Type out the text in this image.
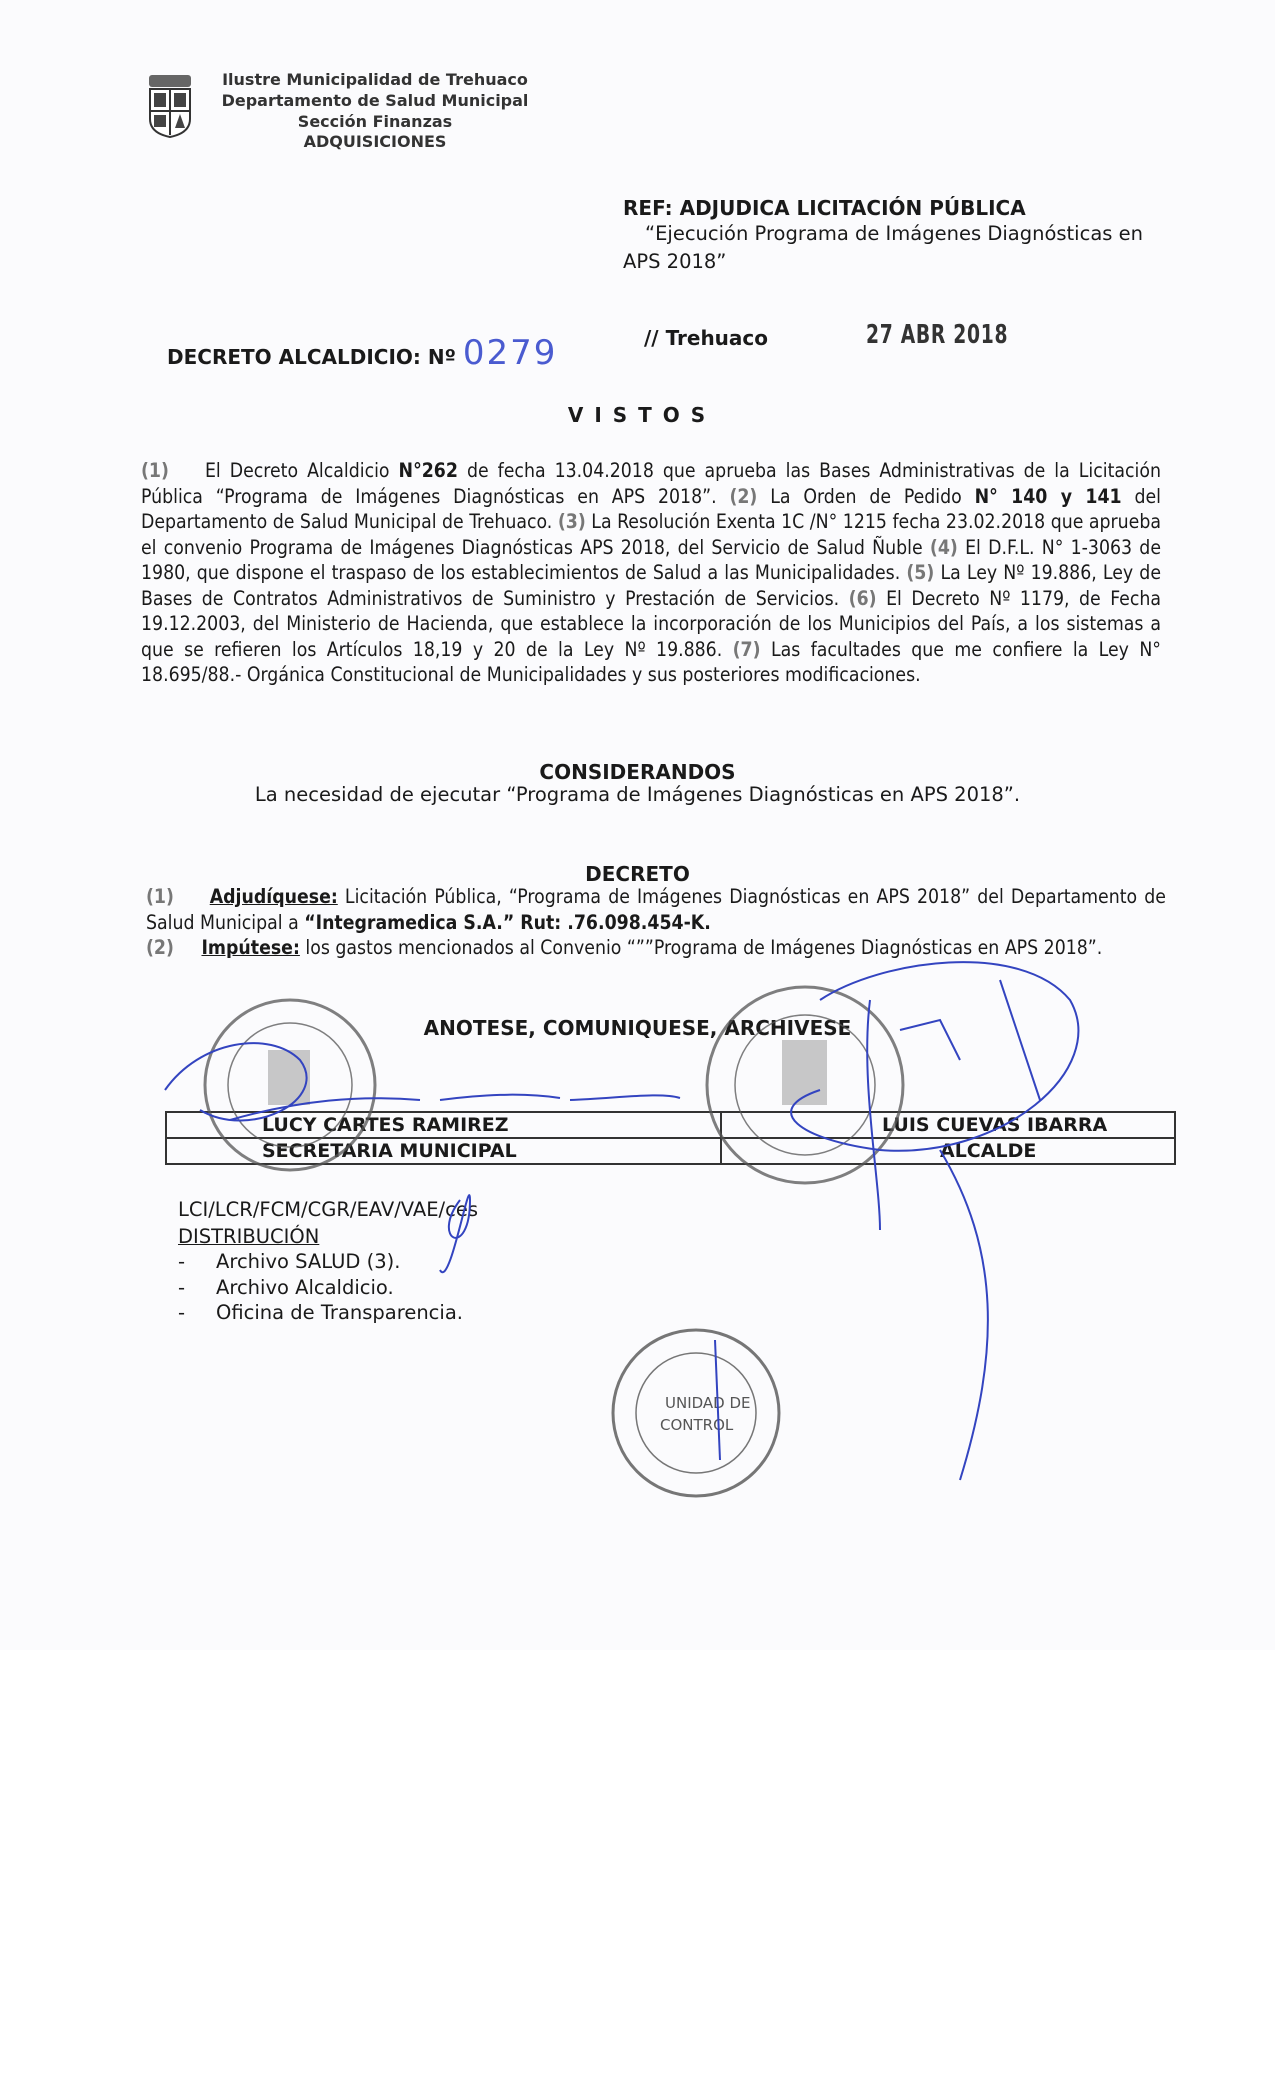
Ilustre Municipalidad de Trehuaco
Departamento de Salud Municipal
Sección Finanzas
ADQUISICIONES
REF: ADJUDICA LICITACIÓN PÚBLICA
“Ejecución Programa de Imágenes Diagnósticas en APS 2018”
DECRETO ALCALDICIO: Nº 0279	// Trehuaco	27 ABR 2018
V I S T O S
(1) El Decreto Alcaldicio N°262 de fecha 13.04.2018 que aprueba las Bases Administrativas de la Licitación Pública “Programa de Imágenes Diagnósticas en APS 2018”. (2) La Orden de Pedido N° 140 y 141 del Departamento de Salud Municipal de Trehuaco. (3) La Resolución Exenta 1C /N° 1215 fecha 23.02.2018 que aprueba el convenio Programa de Imágenes Diagnósticas APS 2018, del Servicio de Salud Ñuble (4) El D.F.L. N° 1-3063 de 1980, que dispone el traspaso de los establecimientos de Salud a las Municipalidades. (5) La Ley Nº 19.886, Ley de Bases de Contratos Administrativos de Suministro y Prestación de Servicios. (6) El Decreto Nº 1179, de Fecha 19.12.2003, del Ministerio de Hacienda, que establece la incorporación de los Municipios del País, a los sistemas a que se refieren los Artículos 18,19 y 20 de la Ley Nº 19.886. (7) Las facultades que me confiere la Ley N° 18.695/88.- Orgánica Constitucional de Municipalidades y sus posteriores modificaciones.
CONSIDERANDOS
La necesidad de ejecutar “Programa de Imágenes Diagnósticas en APS 2018”.
DECRETO
(1) Adjudíquese: Licitación Pública, “Programa de Imágenes Diagnósticas en APS 2018” del Departamento de Salud Municipal a “Integramedica S.A.” Rut: .76.098.454-K.
(2) Impútese: los gastos mencionados al Convenio “””Programa de Imágenes Diagnósticas en APS 2018”.
ANOTESE, COMUNIQUESE, ARCHIVESE
LUCY CARTES RAMIREZ	LUIS CUEVAS IBARRA
SECRETARIA MUNICIPAL	ALCALDE
LCI/LCR/FCM/CGR/EAV/VAE/ces
DISTRIBUCIÓN
-     Archivo SALUD (3).
-     Archivo Alcaldicio.
-     Oficina de Transparencia.
UNIDAD DE
CONTROL
